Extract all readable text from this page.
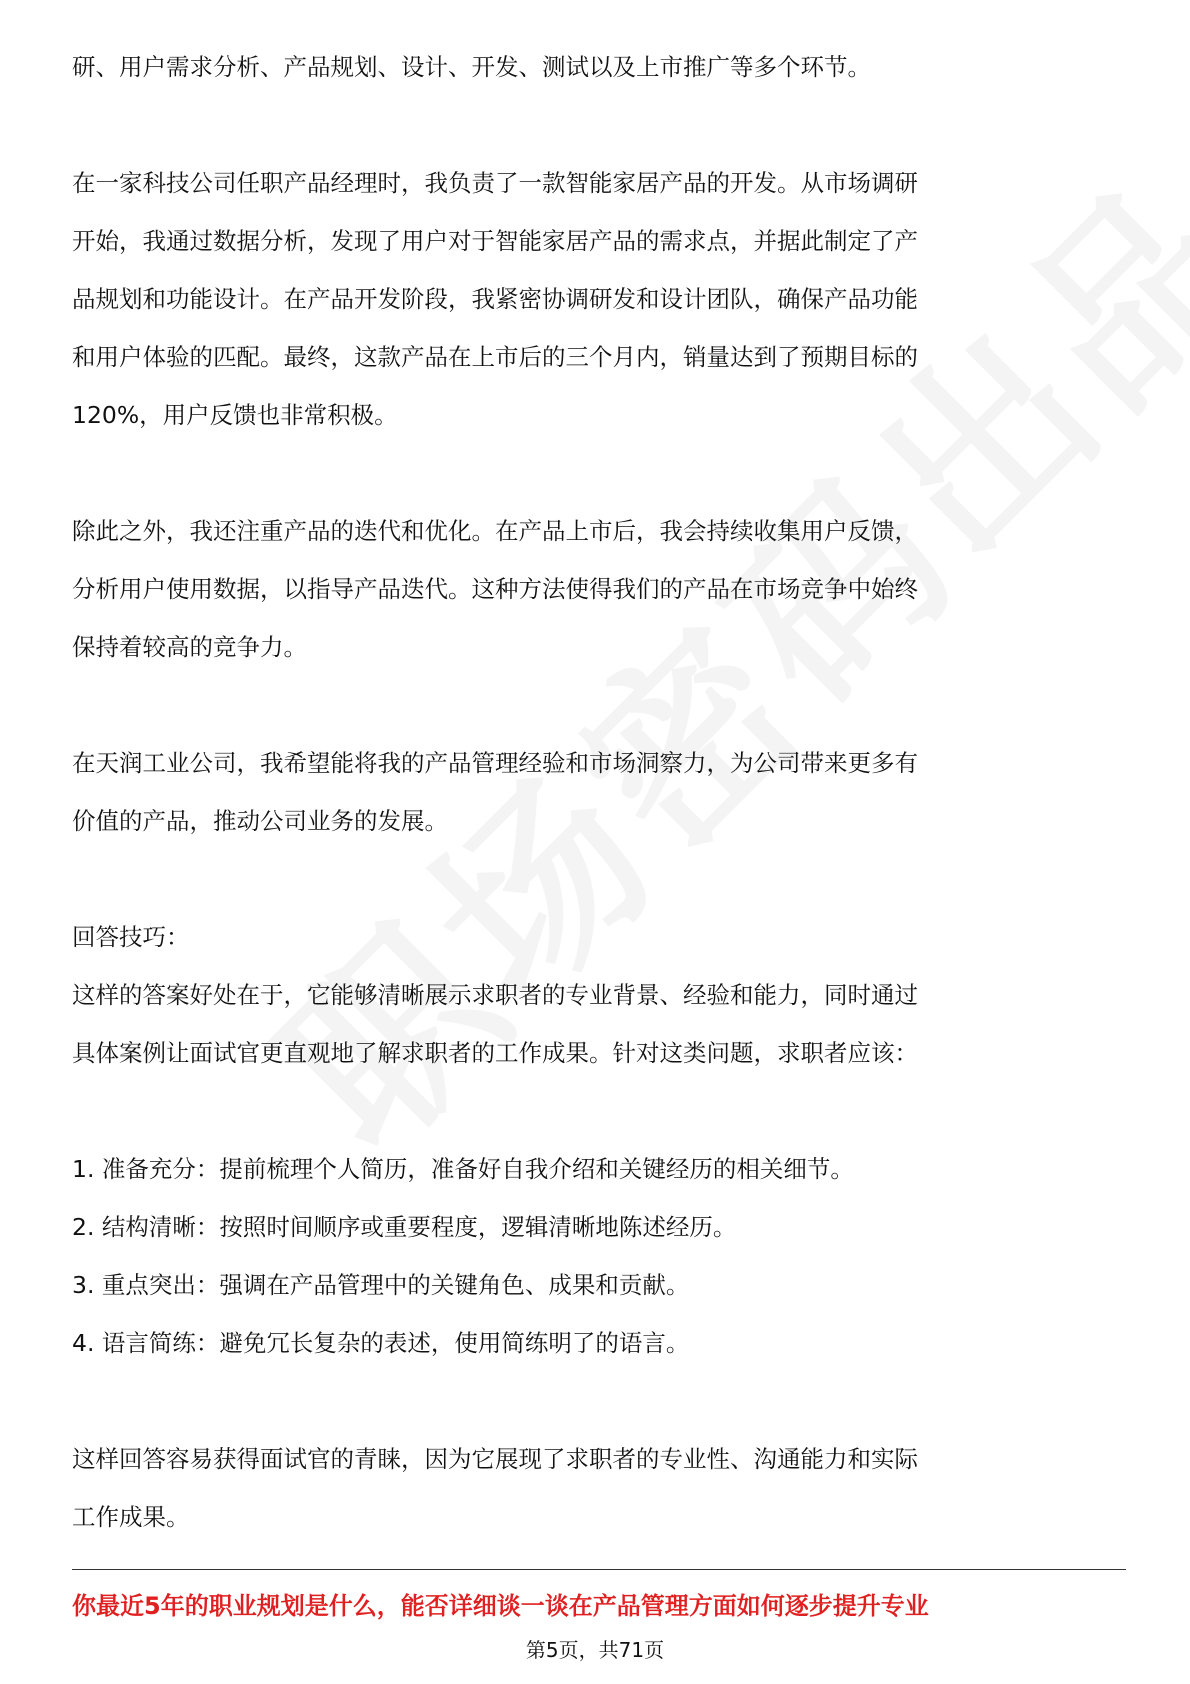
研、用户需求分析、产品规划、设计、开发、测试以及上市推广等多个环节。

在一家科技公司任职产品经理时，我负责了一款智能家居产品的开发。从市场调研

开始，我通过数据分析，发现了用户对于智能家居产品的需求点，并据此制定了产

品规划和功能设计。在产品开发阶段，我紧密协调研发和设计团队，确保产品功能

和用户体验的匹配。最终，这款产品在上市后的三个月内，销量达到了预期目标的

120%，用户反馈也非常积极。

除此之外，我还注重产品的迭代和优化。在产品上市后，我会持续收集用户反馈，

分析用户使用数据，以指导产品迭代。这种方法使得我们的产品在市场竞争中始终

保持着较高的竞争力。

在天润工业公司，我希望能将我的产品管理经验和市场洞察力，为公司带来更多有

价值的产品，推动公司业务的发展。

回答技巧：

这样的答案好处在于，它能够清晰展示求职者的专业背景、经验和能力，同时通过

具体案例让面试官更直观地了解求职者的工作成果。针对这类问题，求职者应该：

1. 准备充分：提前梳理个人简历，准备好自我介绍和关键经历的相关细节。
2. 结构清晰：按照时间顺序或重要程度，逻辑清晰地陈述经历。
3. 重点突出：强调在产品管理中的关键角色、成果和贡献。
4. 语言简练：避免冗长复杂的表述，使用简练明了的语言。

这样回答容易获得面试官的青睐，因为它展现了求职者的专业性、沟通能力和实际

工作成果。

你最近5年的职业规划是什么，能否详细谈一谈在产品管理方面如何逐步提升专业
第5页，共71页
